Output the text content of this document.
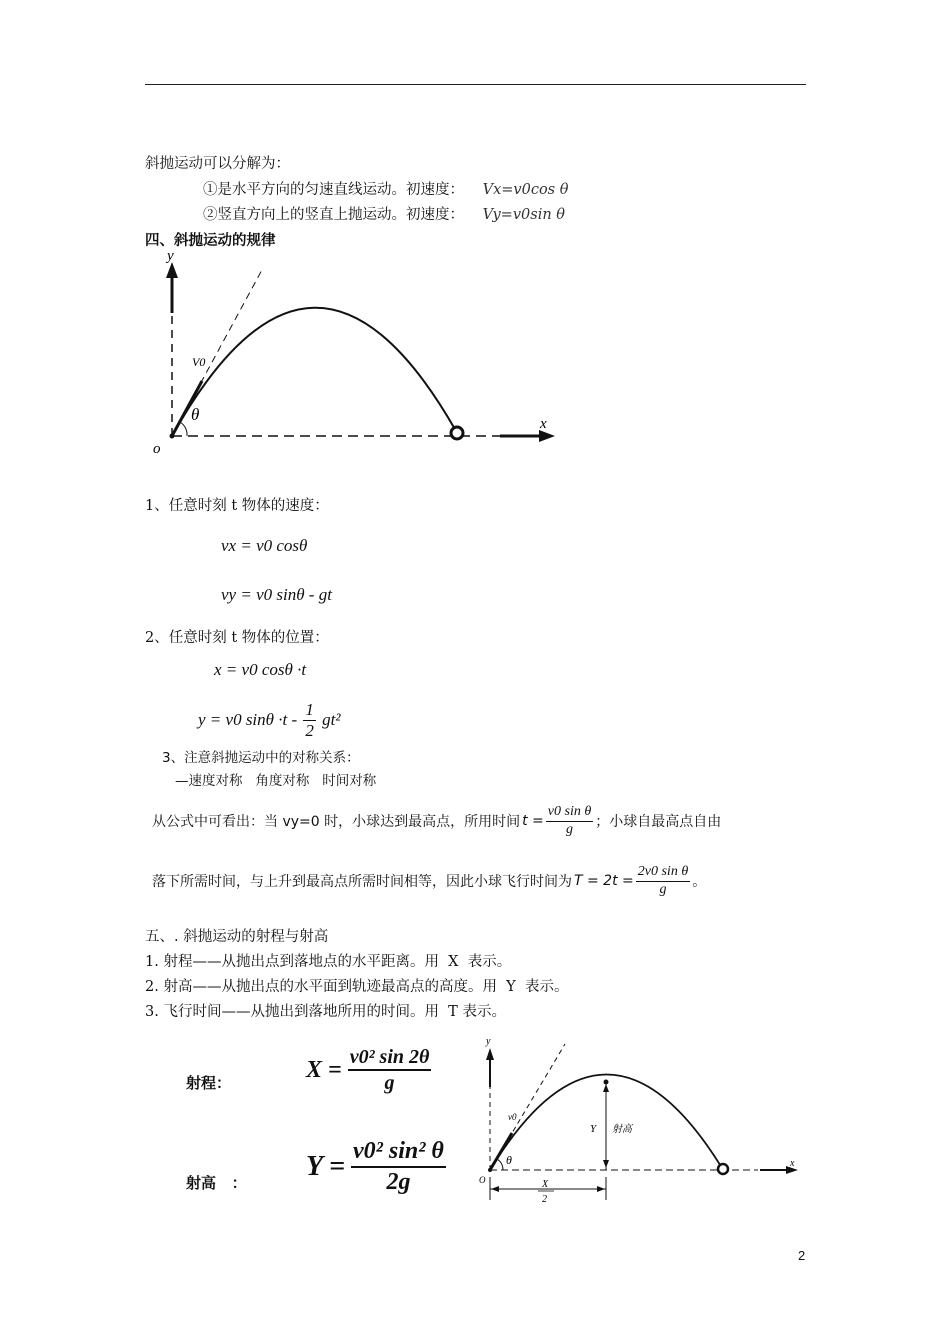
斜抛运动可以分解为：
①是水平方向的匀速直线运动。初速度： Vx=v0cos θ
②竖直方向上的竖直上抛运动。初速度： Vy=v0sin θ
四、斜抛运动的规律
y
x
o
V0
θ
1、任意时刻 t 物体的速度：
vx = v0 cosθ
vy = v0 sinθ - gt
2、任意时刻 t 物体的位置：
x = v0 cosθ ·t
y = v0 $\sin\theta \cdot t - \frac{1}{2} gt^2$
3、注意斜抛运动中的对称关系：
—速度对称   角度对称   时间对称
从公式中可看出：当 vy=0 时，小球达到最高点，所用时间 $t = \frac{\text{v0 sin θ}}{g}$ ；小球自最高点自由
落下所需时间，与上升到最高点所需时间相等，因此小球飞行时间为 $T = 2t = \frac{\text{2v0 sin θ}}{g}$ 。
五、. 斜抛运动的射程与射高
1. 射程——从抛出点到落地点的水平距离。用  X  表示。
2. 射高——从抛出点的水平面到轨迹最高点的高度。用  Y  表示。
3. 飞行时间——从抛出到落地所用的时间。用  T 表示。
射程：
射高   ：
$X = \frac{\text{v0² sin 2θ}}{g}$
$Y = \frac{\text{v0² sin² θ}}{2g}$
y
x
O
v0
θ
Y 射高
X
2
2
